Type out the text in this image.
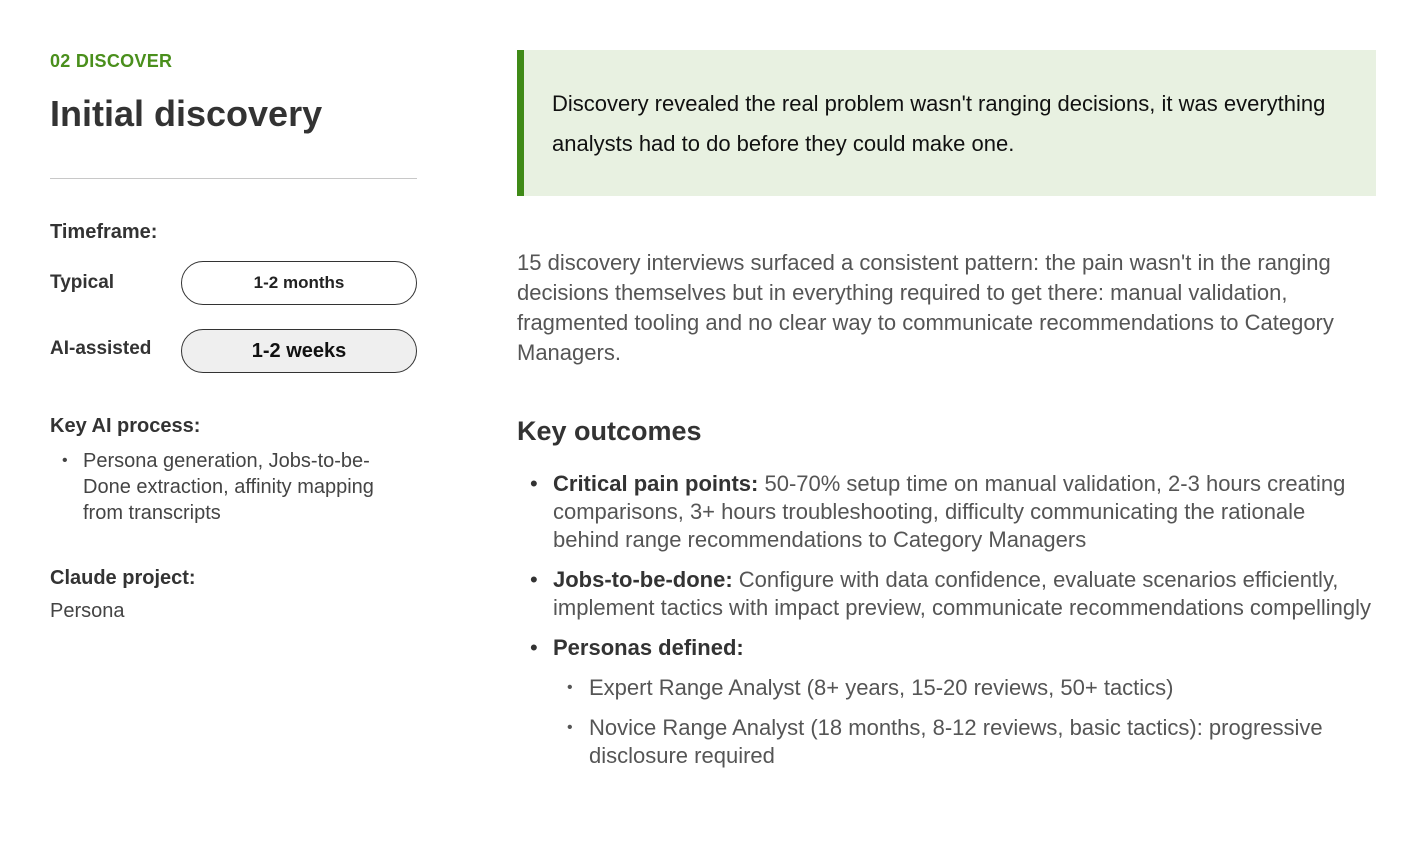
02 DISCOVER
Initial discovery
Timeframe:
Typical	1-2 months
AI-assisted	1-2 weeks
Key AI process:
• Persona generation, Jobs-to-be-Done extraction, affinity mapping from transcripts
Claude project:
Persona
Discovery revealed the real problem wasn't ranging decisions, it was everything analysts had to do before they could make one.

15 discovery interviews surfaced a consistent pattern: the pain wasn't in the ranging decisions themselves but in everything required to get there: manual validation, fragmented tooling and no clear way to communicate recommendations to Category Managers.

Key outcomes
• Critical pain points: 50-70% setup time on manual validation, 2-3 hours creating comparisons, 3+ hours troubleshooting, difficulty communicating the rationale behind range recommendations to Category Managers
• Jobs-to-be-done: Configure with data confidence, evaluate scenarios efficiently, implement tactics with impact preview, communicate recommendations compellingly
• Personas defined:
• Expert Range Analyst (8+ years, 15-20 reviews, 50+ tactics)
• Novice Range Analyst (18 months, 8-12 reviews, basic tactics): progressive disclosure required
